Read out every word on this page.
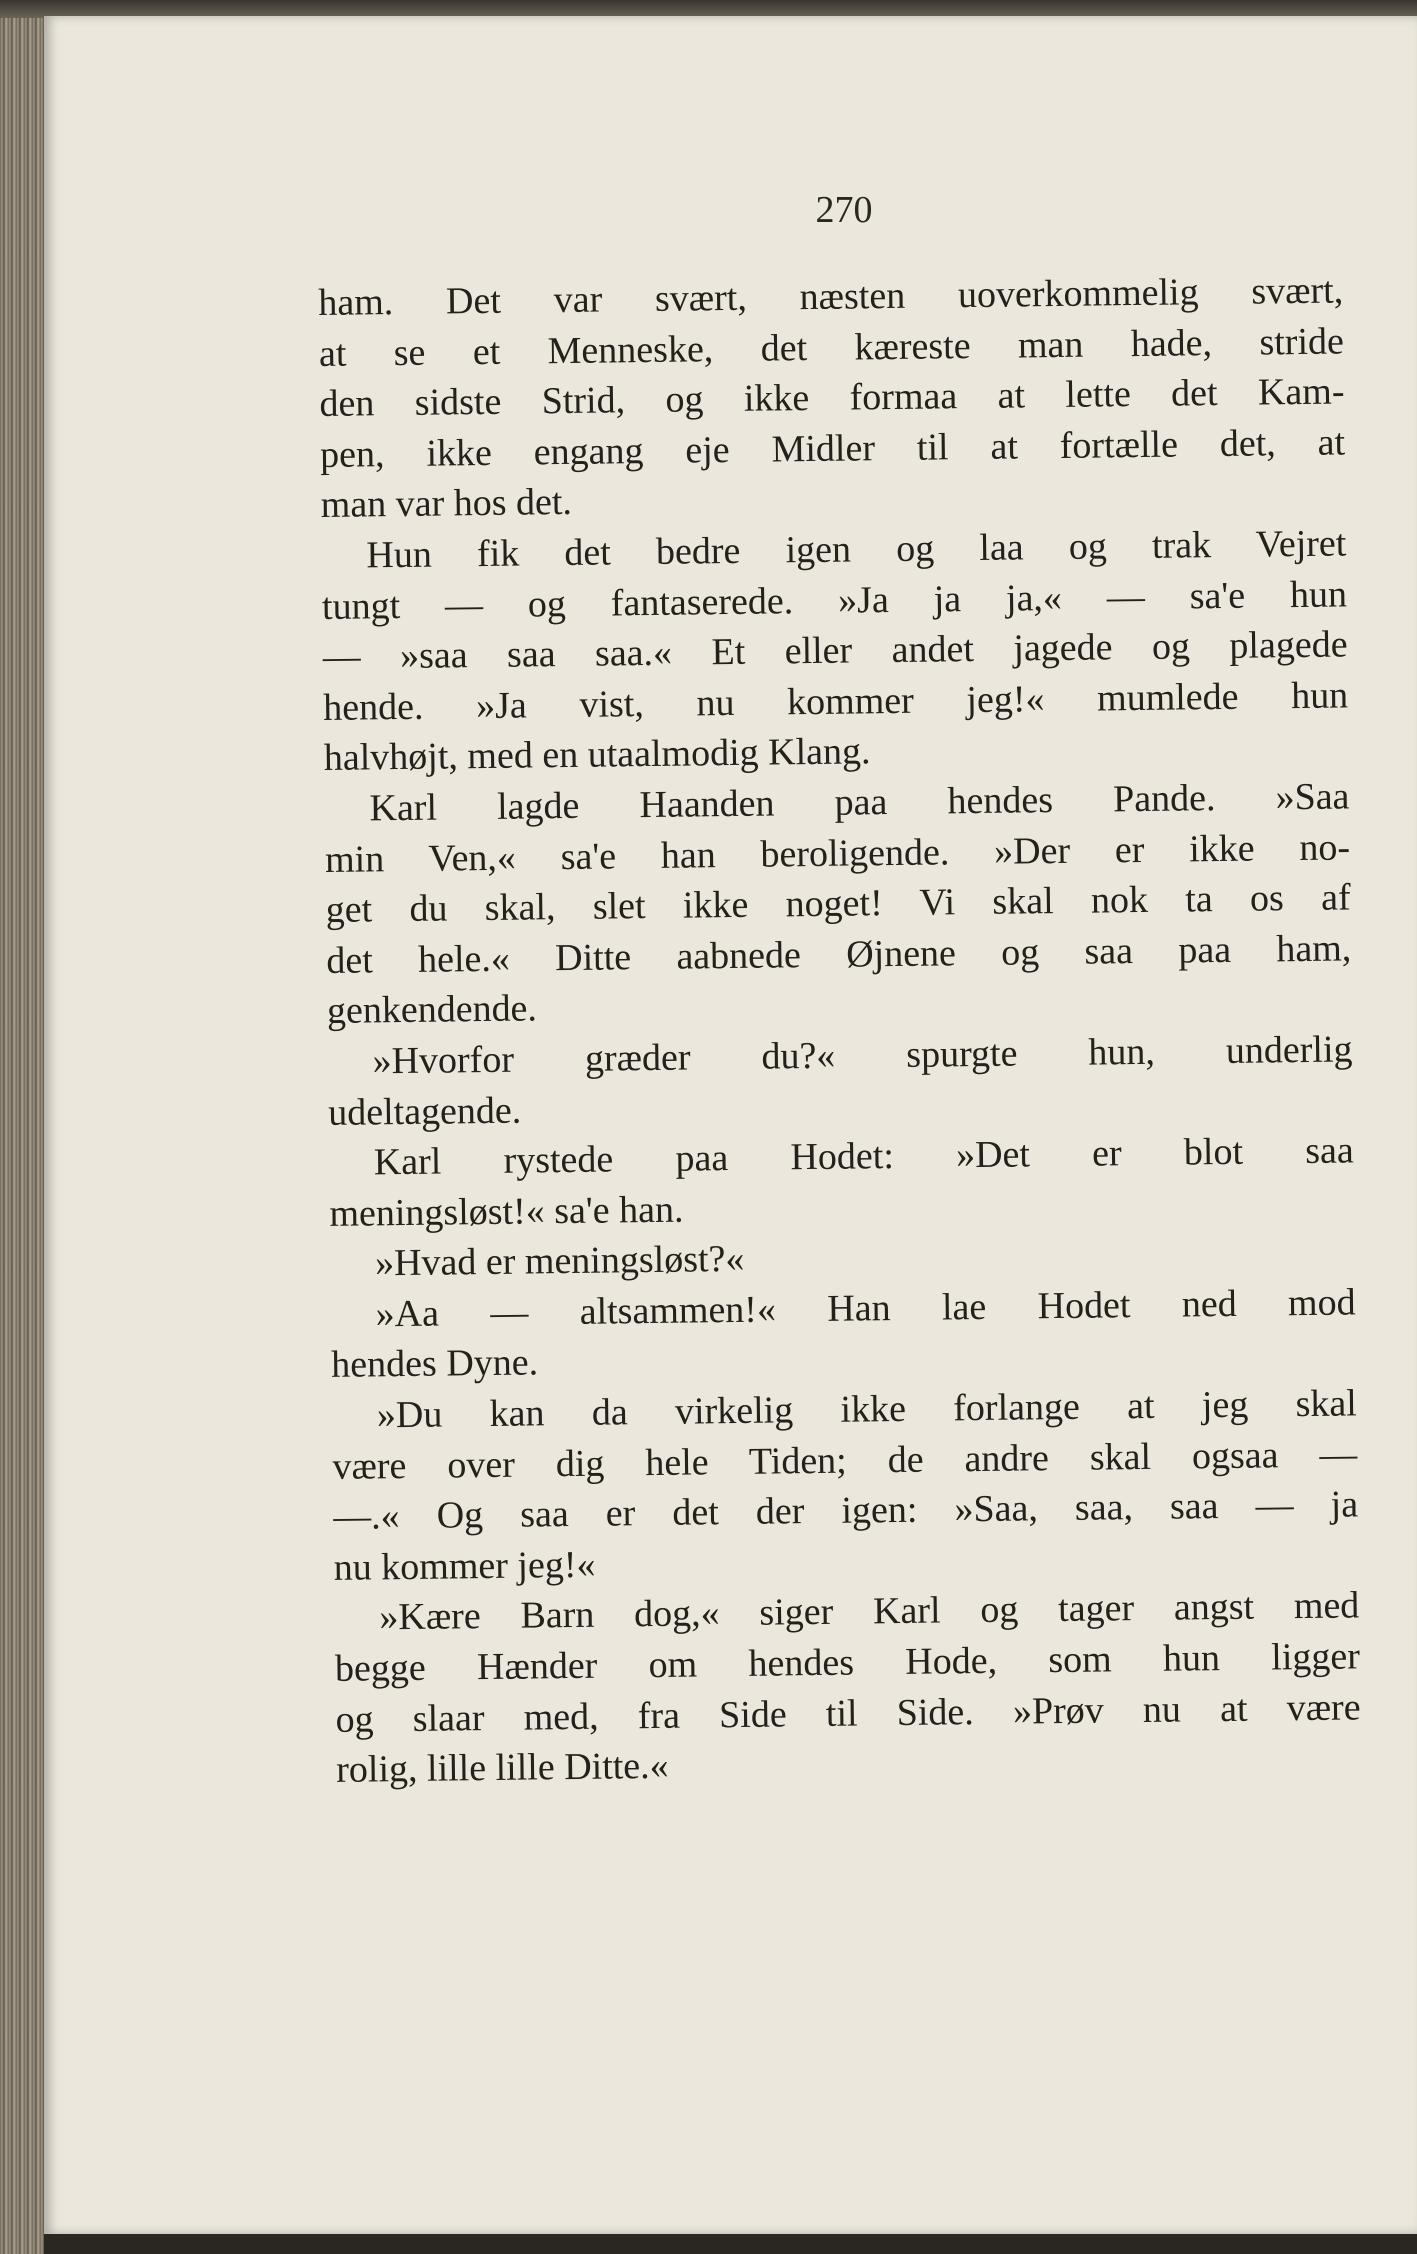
270
ham. Det var svært, næsten uoverkommelig svært,
at se et Menneske, det kæreste man hade, stride
den sidste Strid, og ikke formaa at lette det Kam-
pen, ikke engang eje Midler til at fortælle det, at
man var hos det.
Hun fik det bedre igen og laa og trak Vejret
tungt — og fantaserede. »Ja ja ja,« — sa'e hun
— »saa saa saa.« Et eller andet jagede og plagede
hende. »Ja vist, nu kommer jeg!« mumlede hun
halvhøjt, med en utaalmodig Klang.
Karl lagde Haanden paa hendes Pande. »Saa
min Ven,« sa'e han beroligende. »Der er ikke no-
get du skal, slet ikke noget! Vi skal nok ta os af
det hele.« Ditte aabnede Øjnene og saa paa ham,
genkendende.
»Hvorfor græder du?« spurgte hun, underlig
udeltagende.
Karl rystede paa Hodet: »Det er blot saa
meningsløst!« sa'e han.
»Hvad er meningsløst?«
»Aa — altsammen!« Han lae Hodet ned mod
hendes Dyne.
»Du kan da virkelig ikke forlange at jeg skal
være over dig hele Tiden; de andre skal ogsaa —
—.« Og saa er det der igen: »Saa, saa, saa — ja
nu kommer jeg!«
»Kære Barn dog,« siger Karl og tager angst med
begge Hænder om hendes Hode, som hun ligger
og slaar med, fra Side til Side. »Prøv nu at være
rolig, lille lille Ditte.«
